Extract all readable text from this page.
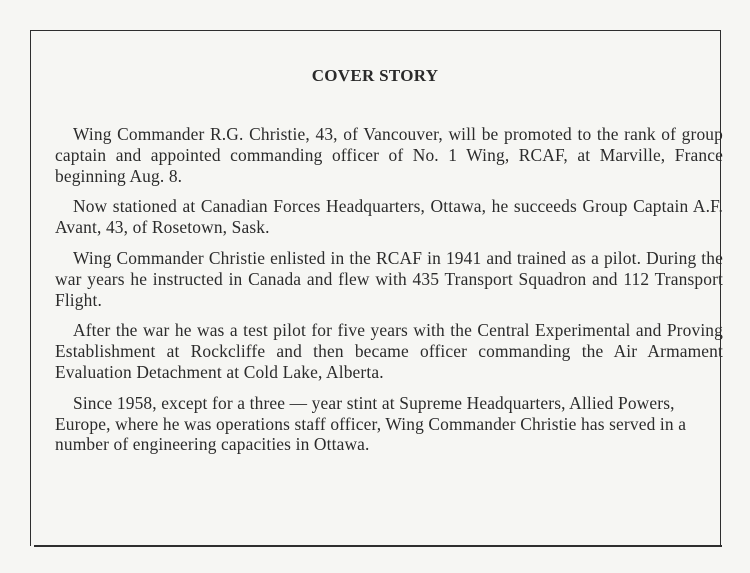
COVER STORY

Wing Commander R.G. Christie, 43, of Vancouver, will be promoted to the rank of group captain and appointed commanding officer of No. 1 Wing, RCAF, at Marville, France beginning Aug. 8.

Now stationed at Canadian Forces Headquarters, Ottawa, he succeeds Group Captain A.F. Avant, 43, of Rosetown, Sask.

Wing Commander Christie enlisted in the RCAF in 1941 and trained as a pilot. During the war years he instructed in Canada and flew with 435 Transport Squadron and 112 Transport Flight.

After the war he was a test pilot for five years with the Central Experimental and Proving Establishment at Rockcliffe and then became officer commanding the Air Armament Evaluation Detachment at Cold Lake, Alberta.

Since 1958, except for a three — year stint at Supreme Headquarters, Allied Powers, Europe, where he was operations staff officer, Wing Commander Christie has served in a number of engineering capacities in Ottawa.
